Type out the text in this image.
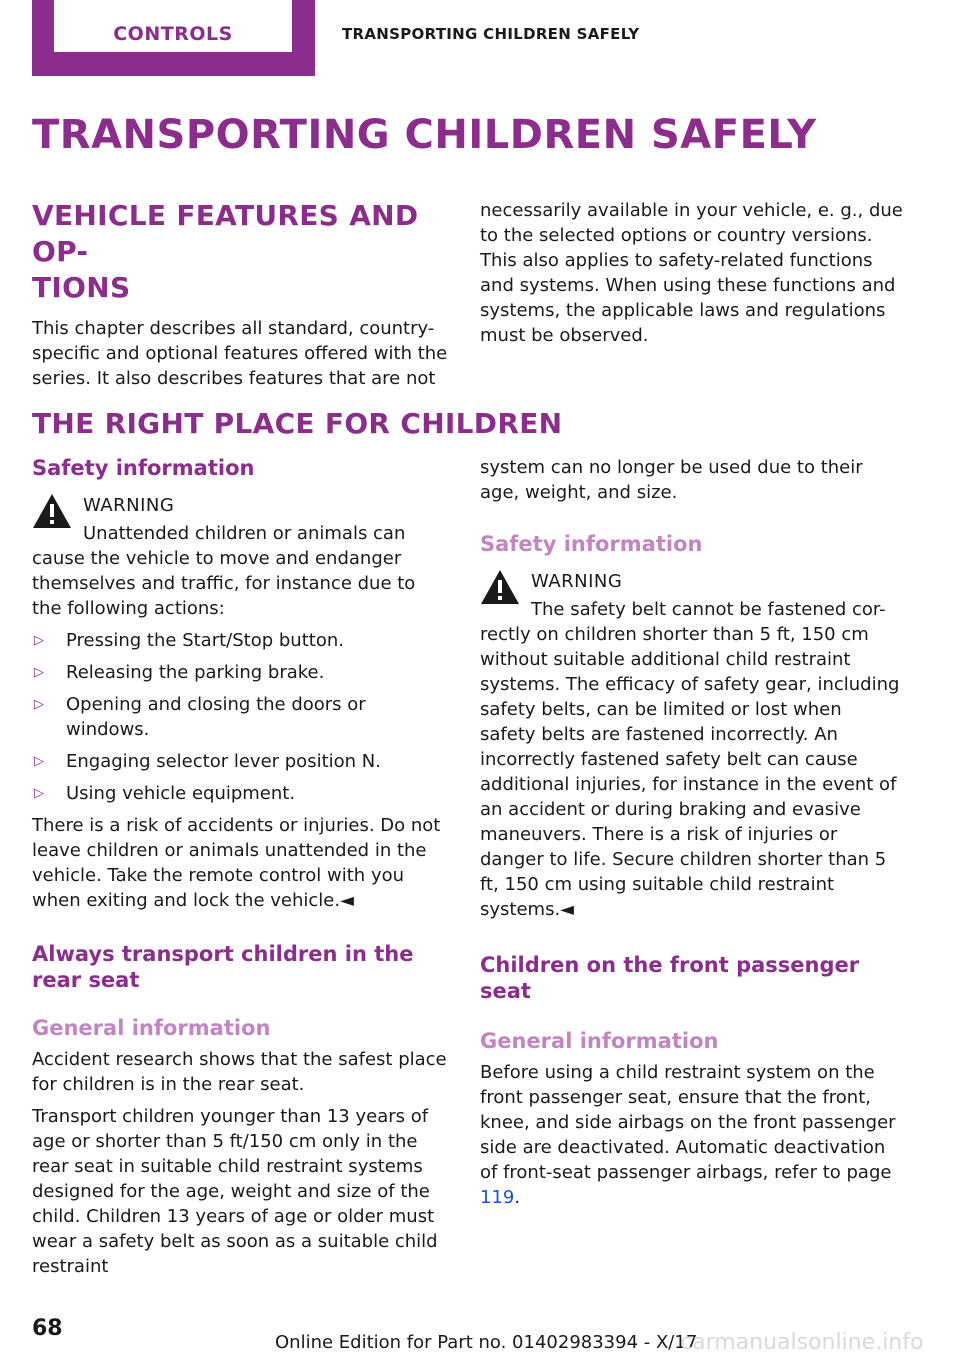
CONTROLS	TRANSPORTING CHILDREN SAFELY
TRANSPORTING CHILDREN SAFELY
VEHICLE FEATURES AND OP-
TIONS

This chapter describes all standard, country-specific and optional features offered with the series. It also describes features that are not

necessarily available in your vehicle, e. g., due to the selected options or country versions. This also applies to safety-related functions and systems. When using these functions and systems, the applicable laws and regulations must be observed.

THE RIGHT PLACE FOR CHILDREN
Safety information
WARNING
Unattended children or animals can

cause the vehicle to move and endanger themselves and traffic, for instance due to the following actions:

▷ Pressing the Start/Stop button.
▷ Releasing the parking brake.
▷ Opening and closing the doors or windows.
▷ Engaging selector lever position N.
▷ Using vehicle equipment.

There is a risk of accidents or injuries. Do not leave children or animals unattended in the vehicle. Take the remote control with you when exiting and lock the vehicle.◄

Always transport children in the rear seat
General information

Accident research shows that the safest place for children is in the rear seat.

Transport children younger than 13 years of age or shorter than 5 ft/150 cm only in the rear seat in suitable child restraint systems designed for the age, weight and size of the child. Children 13 years of age or older must wear a safety belt as soon as a suitable child restraint

system can no longer be used due to their age, weight, and size.

Safety information
WARNING
The safety belt cannot be fastened cor-

rectly on children shorter than 5 ft, 150 cm without suitable additional child restraint systems. The efficacy of safety gear, including safety belts, can be limited or lost when safety belts are fastened incorrectly. An incorrectly fastened safety belt can cause additional injuries, for instance in the event of an accident or during braking and evasive maneuvers. There is a risk of injuries or danger to life. Secure children shorter than 5 ft, 150 cm using suitable child restraint systems.◄

Children on the front passenger seat
General information

Before using a child restraint system on the front passenger seat, ensure that the front, knee, and side airbags on the front passenger side are deactivated. Automatic deactivation of front-seat passenger airbags, refer to page 119.

68
Online Edition for Part no. 01402983394 - X/17
carmanualsonline.info
